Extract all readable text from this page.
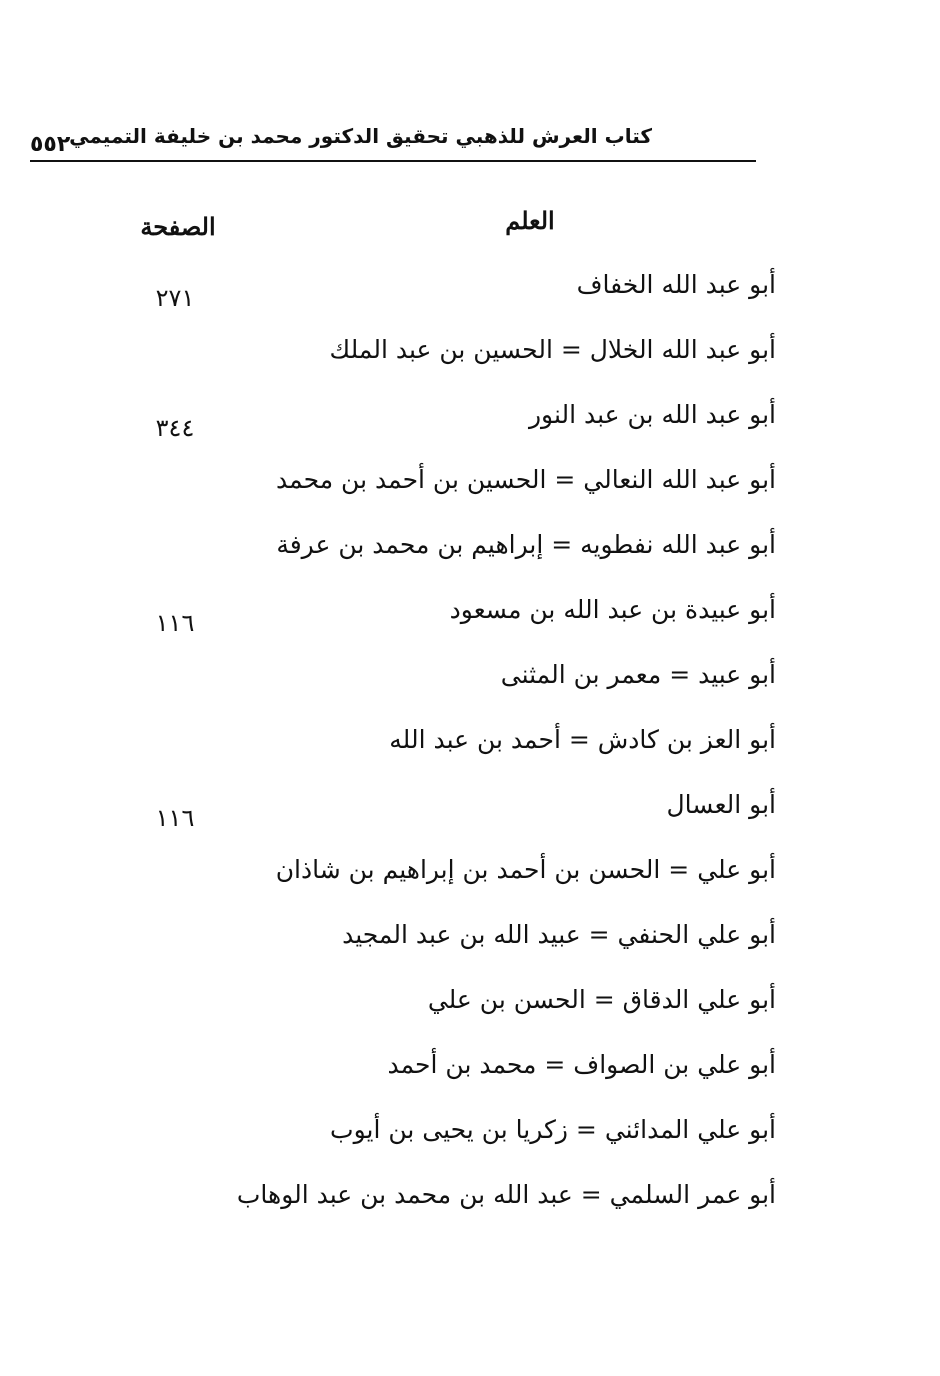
كتاب العرش للذهبي تحقيق الدكتور محمد بن خليفة التميمي
٥٥٢
العلم
الصفحة
أبو عبد الله الخفاف
٢٧١
أبو عبد الله الخلال = الحسين بن عبد الملك
أبو عبد الله بن عبد النور
٣٤٤
أبو عبد الله النعالي = الحسين بن أحمد بن محمد
أبو عبد الله نفطويه = إبراهيم بن محمد بن عرفة
أبو عبيدة بن عبد الله بن مسعود
١١٦
أبو عبيد = معمر بن المثنى
أبو العز بن كادش = أحمد بن عبد الله
أبو العسال
١١٦
أبو علي = الحسن بن أحمد بن إبراهيم بن شاذان
أبو علي الحنفي = عبيد الله بن عبد المجيد
أبو علي الدقاق = الحسن بن علي
أبو علي بن الصواف = محمد بن أحمد
أبو علي المدائني = زكريا بن يحيى بن أيوب
أبو عمر السلمي = عبد الله بن محمد بن عبد الوهاب
